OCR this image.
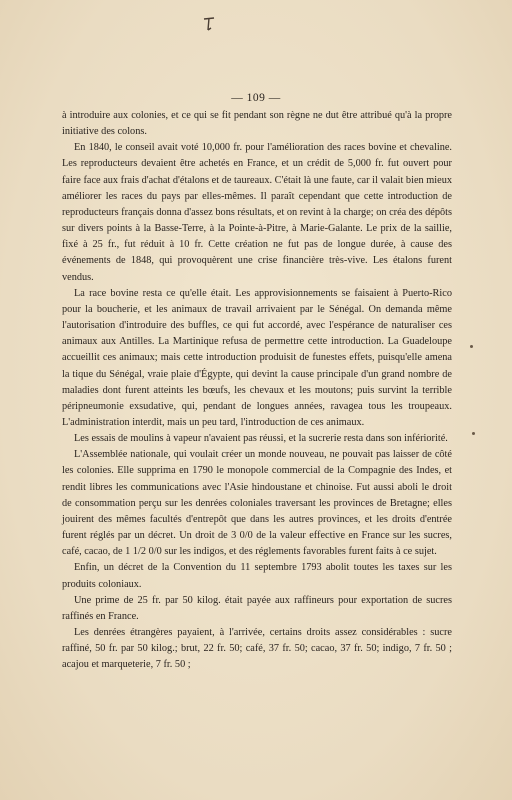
— 109 —

à introduire aux colonies, et ce qui se fit pendant son règne ne dut être attribué qu'à la propre initiative des colons.

En 1840, le conseil avait voté 10,000 fr. pour l'amélioration des races bovine et chevaline. Les reproducteurs devaient être achetés en France, et un crédit de 5,000 fr. fut ouvert pour faire face aux frais d'achat d'étalons et de taureaux. C'était là une faute, car il valait bien mieux améliorer les races du pays par elles-mêmes. Il paraît cependant que cette introduction de reproducteurs français donna d'assez bons résultats, et on revint à la charge; on créa des dépôts sur divers points à la Basse-Terre, à la Pointe-à-Pitre, à Marie-Galante. Le prix de la saillie, fixé à 25 fr., fut réduit à 10 fr. Cette création ne fut pas de longue durée, à cause des événements de 1848, qui provoquèrent une crise financière très-vive. Les étalons furent vendus.

La race bovine resta ce qu'elle était. Les approvisionnements se faisaient à Puerto-Rico pour la boucherie, et les animaux de travail arrivaient par le Sénégal. On demanda même l'autorisation d'introduire des buffles, ce qui fut accordé, avec l'espérance de naturaliser ces animaux aux Antilles. La Martinique refusa de permettre cette introduction. La Guadeloupe accueillit ces animaux; mais cette introduction produisit de funestes effets, puisqu'elle amena la tique du Sénégal, vraie plaie d'Égypte, qui devint la cause principale d'un grand nombre de maladies dont furent atteints les bœufs, les chevaux et les moutons; puis survint la terrible péripneumonie exsudative, qui, pendant de longues années, ravagea tous les troupeaux. L'administration interdit, mais un peu tard, l'introduction de ces animaux.

Les essais de moulins à vapeur n'avaient pas réussi, et la sucrerie resta dans son infériorité.

L'Assemblée nationale, qui voulait créer un monde nouveau, ne pouvait pas laisser de côté les colonies. Elle supprima en 1790 le monopole commercial de la Compagnie des Indes, et rendit libres les communications avec l'Asie hindoustane et chinoise. Fut aussi aboli le droit de consommation perçu sur les denrées coloniales traversant les provinces de Bretagne; elles jouirent des mêmes facultés d'entrepôt que dans les autres provinces, et les droits d'entrée furent réglés par un décret. Un droit de 3 0/0 de la valeur effective en France sur les sucres, café, cacao, de 1 1/2 0/0 sur les indigos, et des réglements favorables furent faits à ce sujet.

Enfin, un décret de la Convention du 11 septembre 1793 abolit toutes les taxes sur les produits coloniaux.

Une prime de 25 fr. par 50 kilog. était payée aux raffineurs pour exportation de sucres raffinés en France.

Les denrées étrangères payaient, à l'arrivée, certains droits assez considérables : sucre raffiné, 50 fr. par 50 kilog.; brut, 22 fr. 50; café, 37 fr. 50; cacao, 37 fr. 50; indigo, 7 fr. 50 ; acajou et marqueterie, 7 fr. 50 ;
